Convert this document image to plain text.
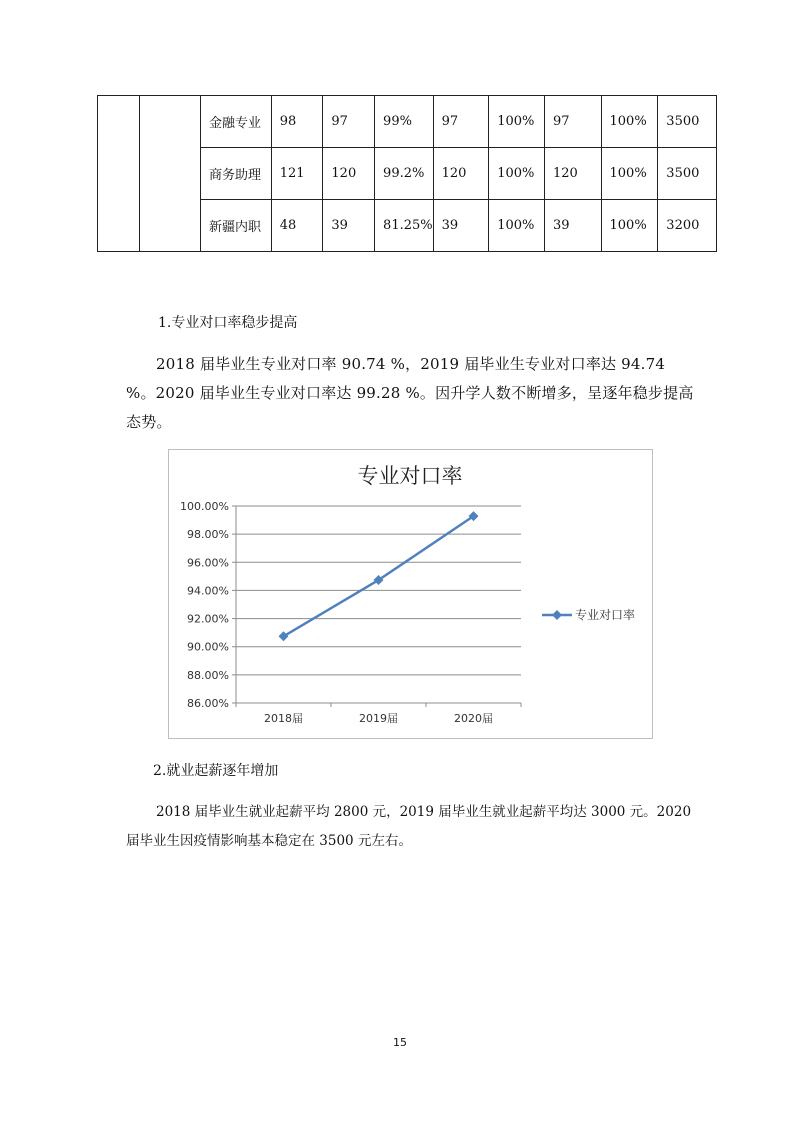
		金融专业	98	97	99%	97	100%	97	100%	3500
		商务助理	121	120	99.2%	120	100%	120	100%	3500
		新疆内职	48	39	81.25%	39	100%	39	100%	3200
1.专业对口率稳步提高
2018 届毕业生专业对口率 90.74 %，2019 届毕业生专业对口率达 94.74 %。2020 届毕业生专业对口率达 99.28 %。因升学人数不断增多，呈逐年稳步提高态势。
专业对口率
86.00%
88.00%
90.00%
92.00%
94.00%
96.00%
98.00%
100.00%
2018届	2019届	2020届
专业对口率
2.就业起薪逐年增加
2018 届毕业生就业起薪平均 2800 元，2019 届毕业生就业起薪平均达 3000 元。2020 届毕业生因疫情影响基本稳定在 3500 元左右。
15
